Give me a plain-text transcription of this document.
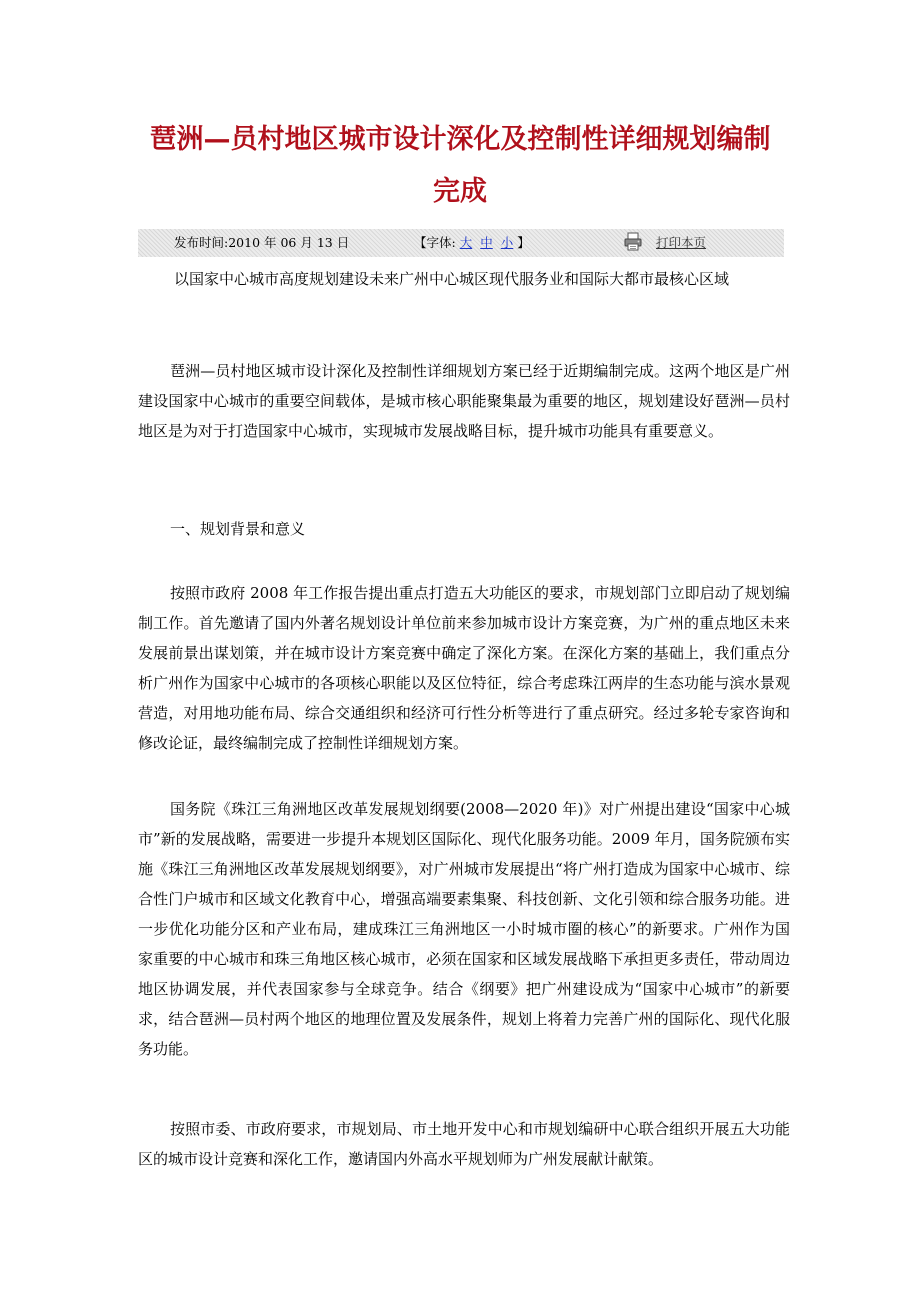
琶洲—员村地区城市设计深化及控制性详细规划编制完成
发布时间:2010 年 06 月 13 日	【字体: 大 中 小 】	打印本页
以国家中心城市高度规划建设未来广州中心城区现代服务业和国际大都市最核心区域

琶洲—员村地区城市设计深化及控制性详细规划方案已经于近期编制完成。这两个地区是广州建设国家中心城市的重要空间载体，是城市核心职能聚集最为重要的地区，规划建设好琶洲—员村地区是为对于打造国家中心城市，实现城市发展战略目标，提升城市功能具有重要意义。

一、规划背景和意义

按照市政府 2008 年工作报告提出重点打造五大功能区的要求，市规划部门立即启动了规划编制工作。首先邀请了国内外著名规划设计单位前来参加城市设计方案竞赛，为广州的重点地区未来发展前景出谋划策，并在城市设计方案竞赛中确定了深化方案。在深化方案的基础上，我们重点分析广州作为国家中心城市的各项核心职能以及区位特征，综合考虑珠江两岸的生态功能与滨水景观营造，对用地功能布局、综合交通组织和经济可行性分析等进行了重点研究。经过多轮专家咨询和修改论证，最终编制完成了控制性详细规划方案。

国务院《珠江三角洲地区改革发展规划纲要(2008—2020 年)》对广州提出建设“国家中心城市”新的发展战略，需要进一步提升本规划区国际化、现代化服务功能。2009 年月，国务院颁布实施《珠江三角洲地区改革发展规划纲要》，对广州城市发展提出“将广州打造成为国家中心城市、综合性门户城市和区域文化教育中心，增强高端要素集聚、科技创新、文化引领和综合服务功能。进一步优化功能分区和产业布局，建成珠江三角洲地区一小时城市圈的核心”的新要求。广州作为国家重要的中心城市和珠三角地区核心城市，必须在国家和区域发展战略下承担更多责任，带动周边地区协调发展，并代表国家参与全球竞争。结合《纲要》把广州建设成为“国家中心城市”的新要求，结合琶洲—员村两个地区的地理位置及发展条件，规划上将着力完善广州的国际化、现代化服务功能。

按照市委、市政府要求，市规划局、市土地开发中心和市规划编研中心联合组织开展五大功能区的城市设计竞赛和深化工作，邀请国内外高水平规划师为广州发展献计献策。
